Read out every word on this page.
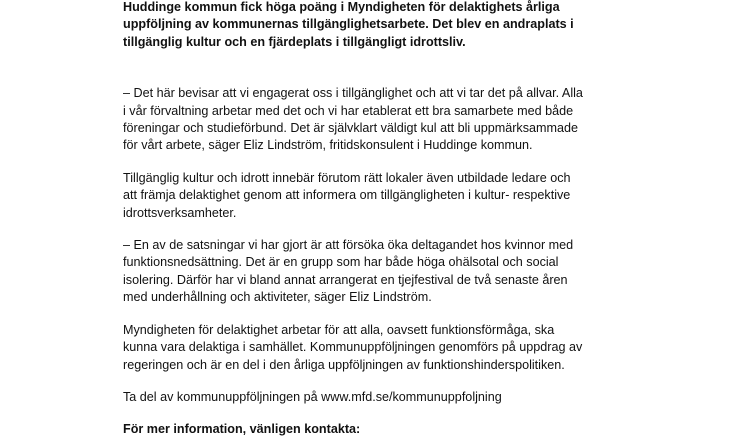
Huddinge kommun fick höga poäng i Myndigheten för delaktighets årliga
uppföljning av kommunernas tillgänglighetsarbete. Det blev en andraplats i
tillgänglig kultur och en fjärdeplats i tillgängligt idrottsliv.

– Det här bevisar att vi engagerat oss i tillgänglighet och att vi tar det på allvar. Alla
i vår förvaltning arbetar med det och vi har etablerat ett bra samarbete med både
föreningar och studieförbund. Det är självklart väldigt kul att bli uppmärksammade
för vårt arbete, säger Eliz Lindström, fritidskonsulent i Huddinge kommun.

Tillgänglig kultur och idrott innebär förutom rätt lokaler även utbildade ledare och
att främja delaktighet genom att informera om tillgängligheten i kultur- respektive
idrottsverksamheter.

– En av de satsningar vi har gjort är att försöka öka deltagandet hos kvinnor med
funktionsnedsättning. Det är en grupp som har både höga ohälsotal och social
isolering. Därför har vi bland annat arrangerat en tjejfestival de två senaste åren
med underhållning och aktiviteter, säger Eliz Lindström.

Myndigheten för delaktighet arbetar för att alla, oavsett funktionsförmåga, ska
kunna vara delaktiga i samhället. Kommunuppföljningen genomförs på uppdrag av
regeringen och är en del i den årliga uppföljningen av funktionshinderspolitiken.

Ta del av kommunuppföljningen på www.mfd.se/kommunuppfoljning

För mer information, vänligen kontakta:
